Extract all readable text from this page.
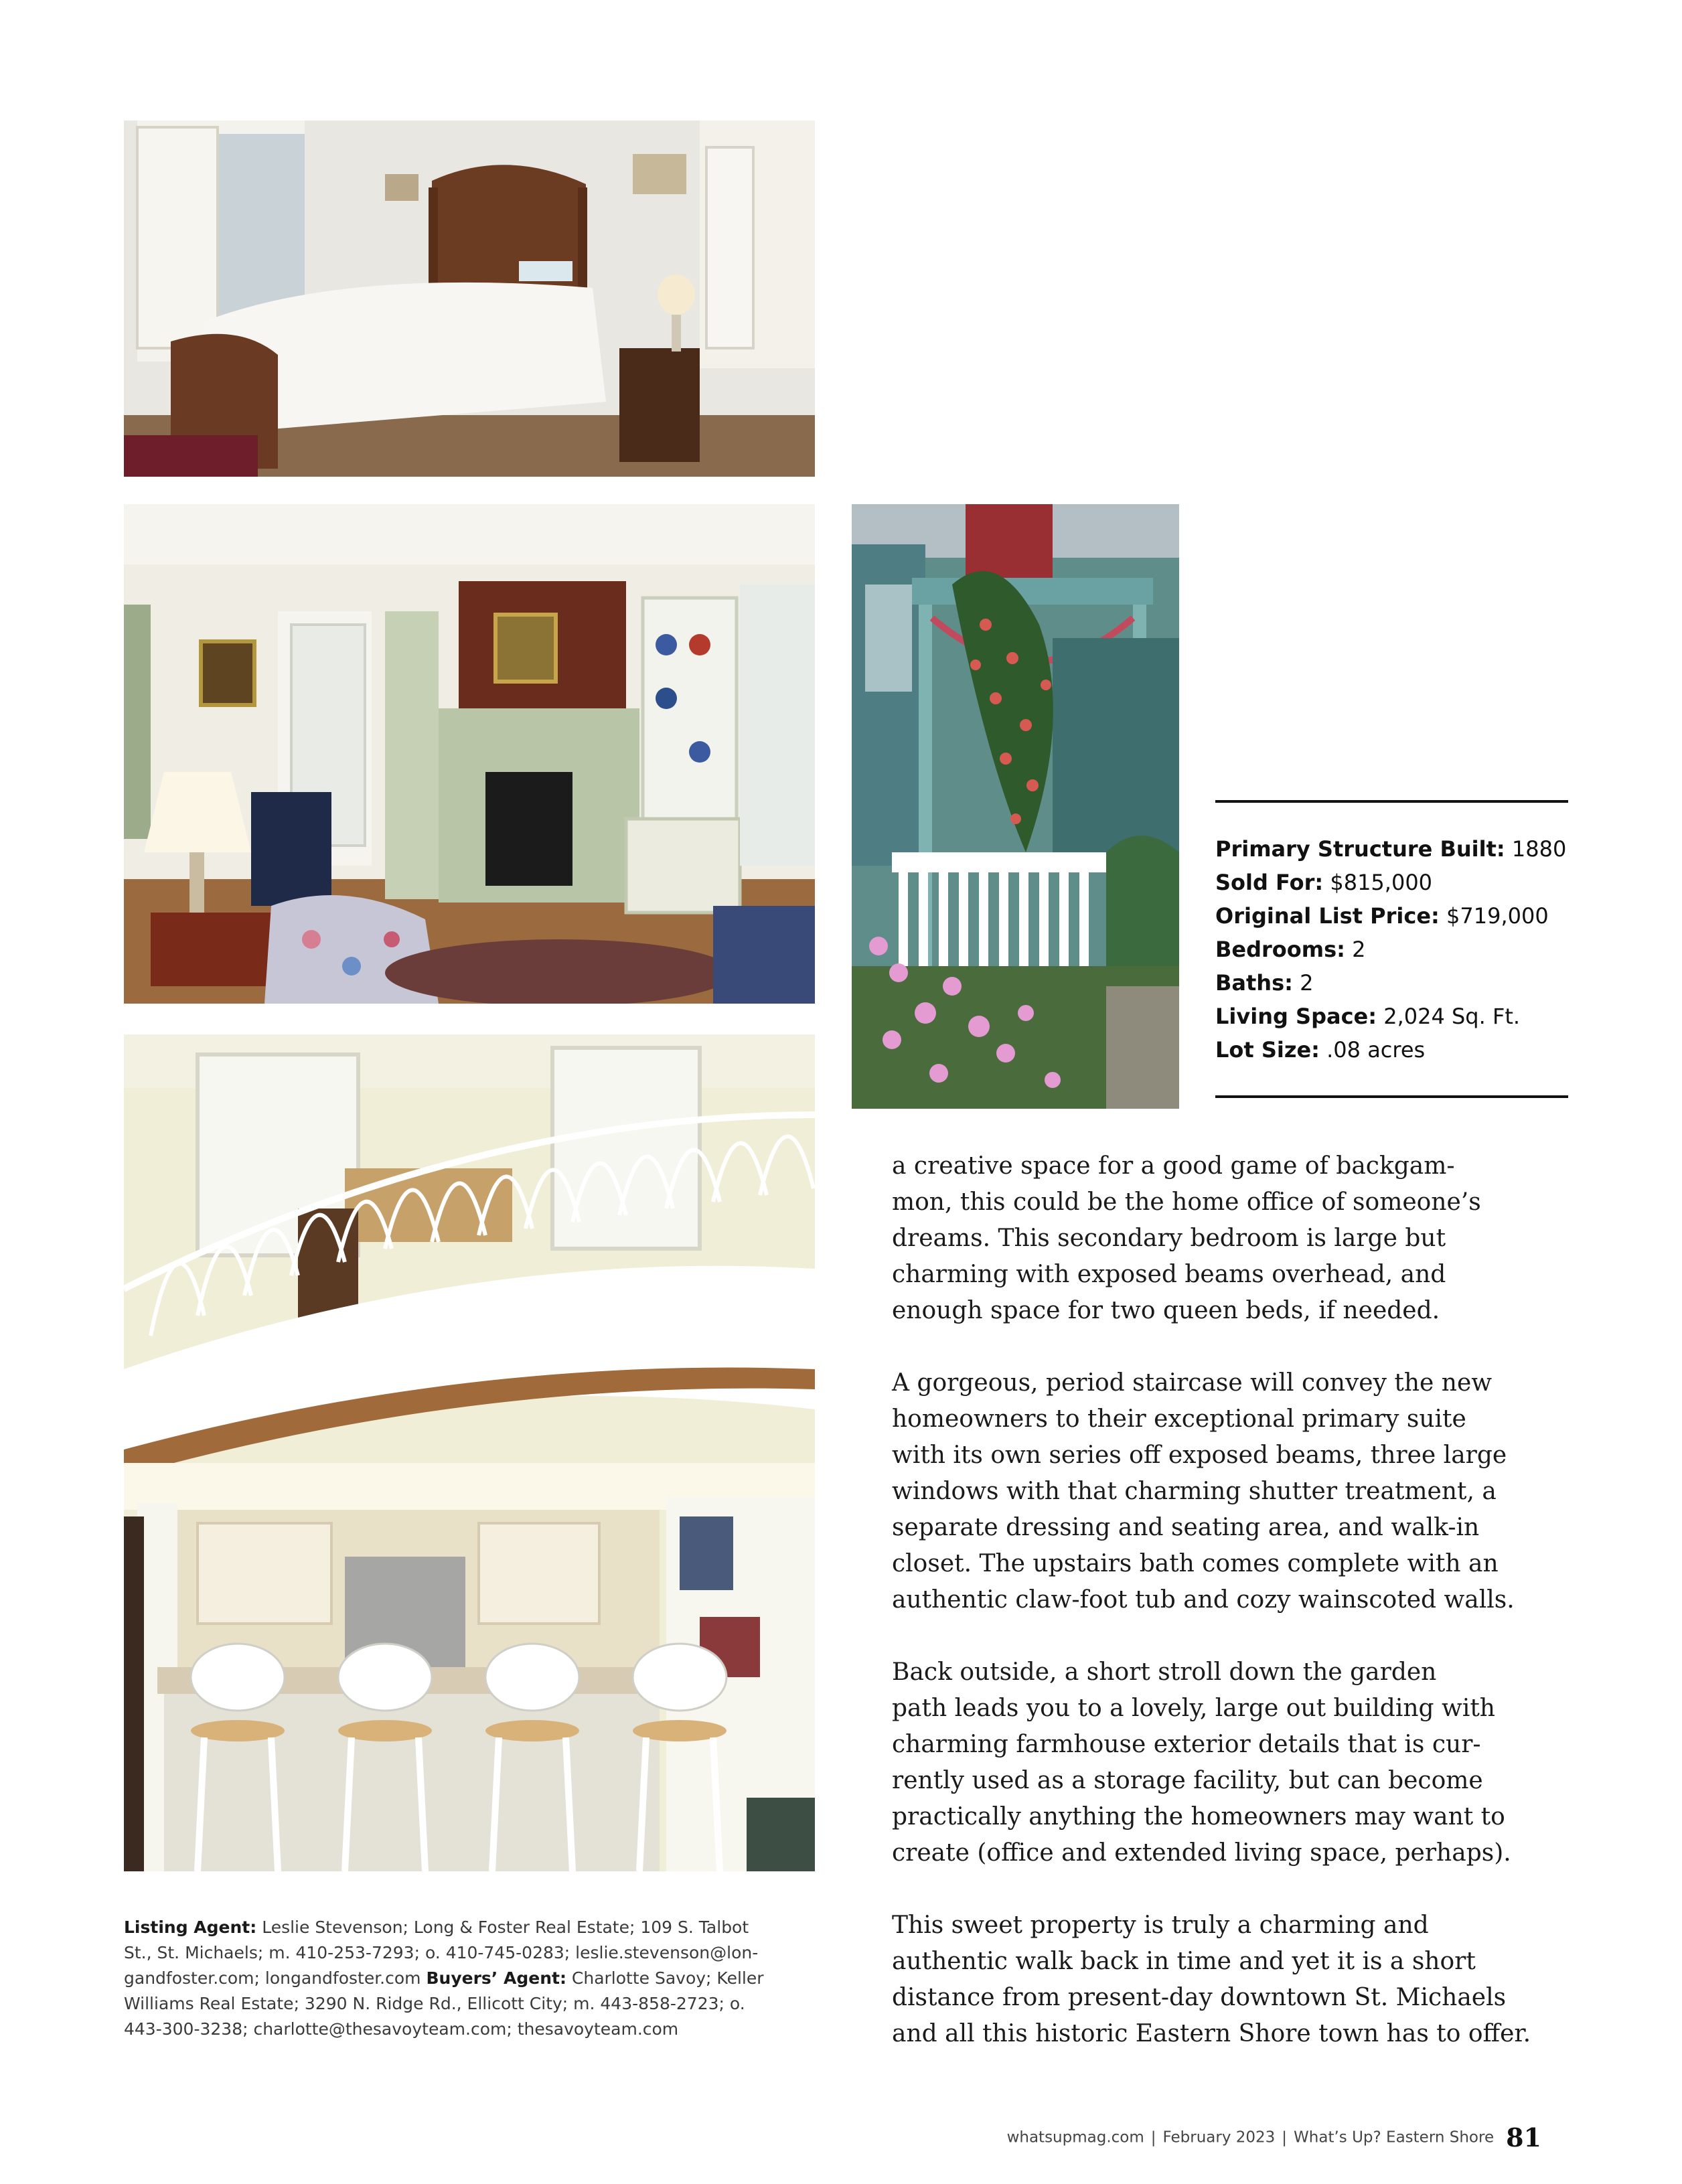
Primary Structure Built: 1880
Sold For: $815,000
Original List Price: $719,000
Bedrooms: 2
Baths: 2
Living Space: 2,024 Sq. Ft.
Lot Size: .08 acres

a creative space for a good game of backgam-
mon, this could be the home office of someone’s
dreams. This secondary bedroom is large but
charming with exposed beams overhead, and
enough space for two queen beds, if needed.

A gorgeous, period staircase will convey the new
homeowners to their exceptional primary suite
with its own series off exposed beams, three large
windows with that charming shutter treatment, a
separate dressing and seating area, and walk-in
closet. The upstairs bath comes complete with an
authentic claw-foot tub and cozy wainscoted walls.

Back outside, a short stroll down the garden
path leads you to a lovely, large out building with
charming farmhouse exterior details that is cur-
rently used as a storage facility, but can become
practically anything the homeowners may want to
create (office and extended living space, perhaps).

This sweet property is truly a charming and
authentic walk back in time and yet it is a short
distance from present-day downtown St. Michaels
and all this historic Eastern Shore town has to offer.

Listing Agent: Leslie Stevenson; Long & Foster Real Estate; 109 S. Talbot
St., St. Michaels; m. 410-253-7293; o. 410-745-0283; leslie.stevenson@lon-
gandfoster.com; longandfoster.com Buyers’ Agent: Charlotte Savoy; Keller
Williams Real Estate; 3290 N. Ridge Rd., Ellicott City; m. 443-858-2723; o.
443-300-3238; charlotte@thesavoyteam.com; thesavoyteam.com
whatsupmag.com | February 2023 | What’s Up? Eastern Shore 81
